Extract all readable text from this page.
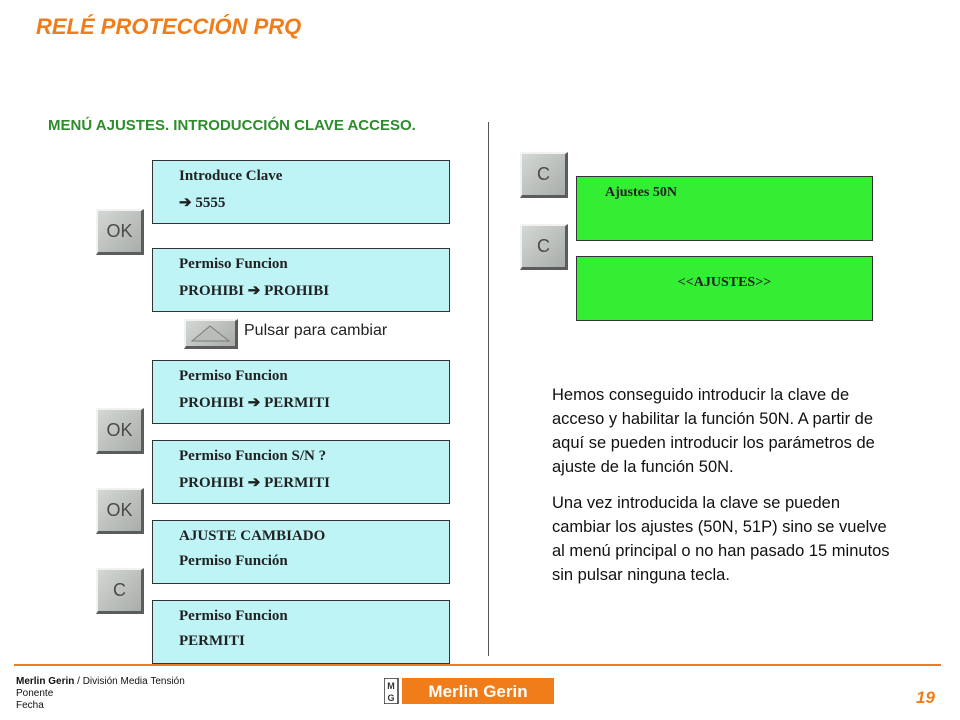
RELÉ PROTECCIÓN PRQ
MENÚ AJUSTES. INTRODUCCIÓN CLAVE ACCESO.
OK
OK
OK
C
Introduce Clave
➔ 5555
Permiso Funcion
PROHIBI ➔ PROHIBI
Pulsar para cambiar
Permiso Funcion
PROHIBI ➔ PERMITI
Permiso Funcion S/N ?
PROHIBI ➔ PERMITI
AJUSTE CAMBIADO
Permiso Función
Permiso Funcion
PERMITI
C
C
Ajustes 50N
<<AJUSTES>>

Hemos conseguido introducir la clave de acceso y habilitar la función 50N. A partir de aquí se pueden introducir los parámetros de ajuste de la función 50N.

Una vez introducida la clave se pueden cambiar los ajustes (50N, 51P) sino se vuelve al menú principal o no han pasado 15 minutos sin pulsar ninguna tecla.

Merlin Gerin / División Media Tensión
Ponente
Fecha
M
G Merlin Gerin	19
